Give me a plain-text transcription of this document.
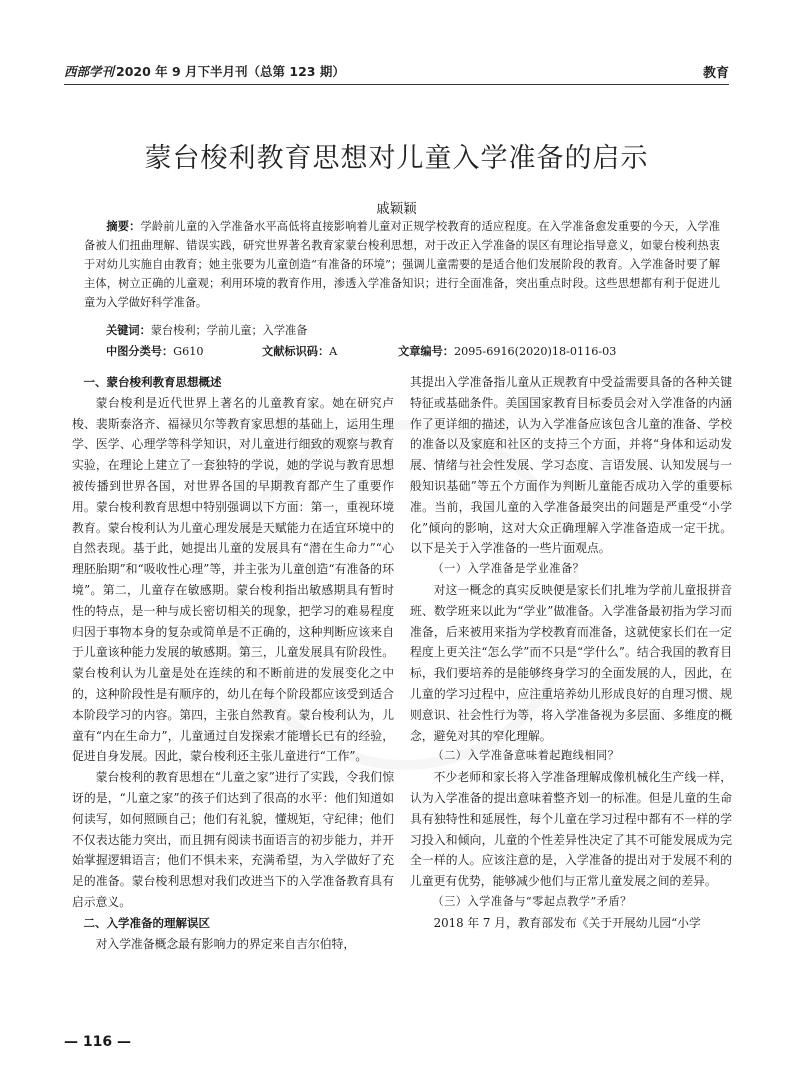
西部学刊 2020 年 9 月下半月刊（总第 123 期）	教育
蒙台梭利教育思想对儿童入学准备的启示
戚颖颖

摘要：学龄前儿童的入学准备水平高低将直接影响着儿童对正规学校教育的适应程度。在入学准备愈发重要的今天，入学准备被人们扭曲理解、错误实践，研究世界著名教育家蒙台梭利思想，对于改正入学准备的误区有理论指导意义，如蒙台梭利热衷于对幼儿实施自由教育；她主张要为儿童创造“有准备的环境”；强调儿童需要的是适合他们发展阶段的教育。入学准备时要了解主体，树立正确的儿童观；利用环境的教育作用，渗透入学准备知识；进行全面准备，突出重点时段。这些思想都有利于促进儿童为入学做好科学准备。

关键词：蒙台梭利；学前儿童；入学准备
中图分类号：G610	文献标识码：A	文章编号：2095-6916(2020)18-0116-03

一、蒙台梭利教育思想概述

蒙台梭利是近代世界上著名的儿童教育家。她在研究卢梭、裴斯泰洛齐、福禄贝尔等教育家思想的基础上，运用生理学、医学、心理学等科学知识，对儿童进行细致的观察与教育实验，在理论上建立了一套独特的学说，她的学说与教育思想被传播到世界各国，对世界各国的早期教育都产生了重要作用。蒙台梭利教育思想中特别强调以下方面：第一，重视环境教育。蒙台梭利认为儿童心理发展是天赋能力在适宜环境中的自然表现。基于此，她提出儿童的发展具有“潜在生命力”“心理胚胎期”和“吸收性心理”等，并主张为儿童创造“有准备的环境”。第二，儿童存在敏感期。蒙台梭利指出敏感期具有暂时性的特点，是一种与成长密切相关的现象，把学习的难易程度归因于事物本身的复杂或简单是不正确的，这种判断应该来自于儿童该种能力发展的敏感期。第三，儿童发展具有阶段性。蒙台梭利认为儿童是处在连续的和不断前进的发展变化之中的，这种阶段性是有顺序的，幼儿在每个阶段都应该受到适合本阶段学习的内容。第四，主张自然教育。蒙台梭利认为，儿童有“内在生命力”，儿童通过自发探索才能增长已有的经验，促进自身发展。因此，蒙台梭利还主张儿童进行“工作”。

蒙台梭利的教育思想在“儿童之家”进行了实践，令我们惊讶的是，“儿童之家”的孩子们达到了很高的水平：他们知道如何读写，如何照顾自己；他们有礼貌，懂规矩，守纪律；他们不仅表达能力突出，而且拥有阅读书面语言的初步能力，并开始掌握逻辑语言；他们不惧未来，充满希望，为入学做好了充足的准备。蒙台梭利思想对我们改进当下的入学准备教育具有启示意义。

二、入学准备的理解误区

对入学准备概念最有影响力的界定来自吉尔伯特，

其提出入学准备指儿童从正规教育中受益需要具备的各种关键特征或基础条件。美国国家教育目标委员会对入学准备的内涵作了更详细的描述，认为入学准备应该包含儿童的准备、学校的准备以及家庭和社区的支持三个方面，并将“身体和运动发展、情绪与社会性发展、学习态度、言语发展、认知发展与一般知识基础”等五个方面作为判断儿童能否成功入学的重要标准。当前，我国儿童的入学准备最突出的问题是严重受“小学化”倾向的影响，这对大众正确理解入学准备造成一定干扰。以下是关于入学准备的一些片面观点。

（一）入学准备是学业准备？

对这一概念的真实反映便是家长们扎堆为学前儿童报拼音班、数学班来以此为“学业”做准备。入学准备最初指为学习而准备，后来被用来指为学校教育而准备，这就使家长们在一定程度上更关注“怎么学”而不只是“学什么”。结合我国的教育目标，我们要培养的是能够终身学习的全面发展的人，因此，在儿童的学习过程中，应注重培养幼儿形成良好的自理习惯、规则意识、社会性行为等，将入学准备视为多层面、多维度的概念，避免对其的窄化理解。

（二）入学准备意味着起跑线相同？

不少老师和家长将入学准备理解成像机械化生产线一样，认为入学准备的提出意味着整齐划一的标准。但是儿童的生命具有独特性和延展性，每个儿童在学习过程中都有不一样的学习投入和倾向，儿童的个性差异性决定了其不可能发展成为完全一样的人。应该注意的是，入学准备的提出对于发展不利的儿童更有优势，能够减少他们与正常儿童发展之间的差异。

（三）入学准备与“零起点教学”矛盾？

2018 年 7 月，教育部发布《关于开展幼儿园“小学

— 116 —
